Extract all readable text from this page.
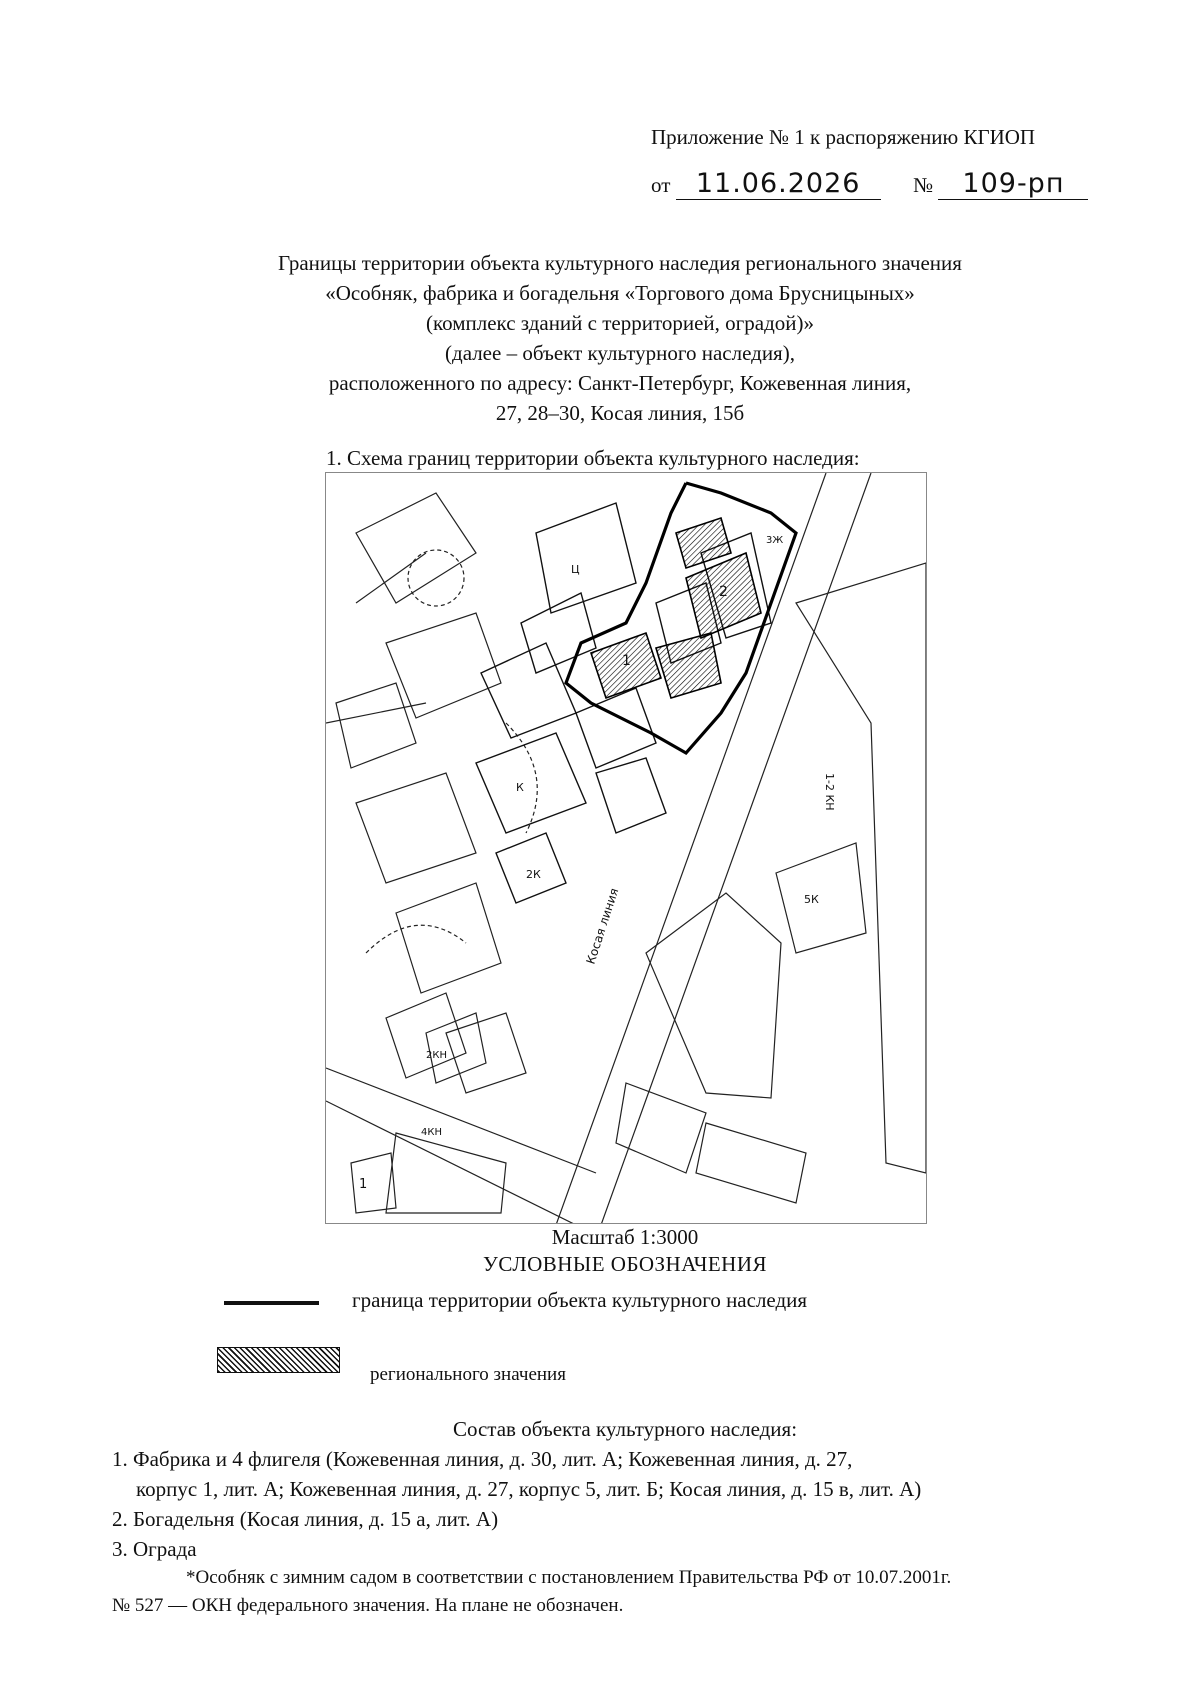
Приложение № 1 к распоряжению КГИОП
от 11.06.2026	№ 109-рп
Границы территории объекта культурного наследия регионального значения
«Особняк, фабрика и богадельня «Торгового дома Брусницыных»
(комплекс зданий с территорией, оградой)»
(далее – объект культурного наследия),
расположенного по адресу: Санкт-Петербург, Кожевенная линия,
27, 28–30, Косая линия, 15б
1. Схема границ территории объекта культурного наследия:
1
2
Косая линия
К
2К
1-2 КН
5К
4КН
2КН
Ц
3Ж
1
Масштаб 1:3000
УСЛОВНЫЕ ОБОЗНАЧЕНИЯ
граница территории объекта культурного наследия
регионального значения
Состав объекта культурного наследия:
1. Фабрика и 4 флигеля (Кожевенная линия, д. 30, лит. А; Кожевенная линия, д. 27,
корпус 1, лит. А; Кожевенная линия, д. 27, корпус 5, лит. Б; Косая линия, д. 15 в, лит. А)
2. Богадельня (Косая линия, д. 15 а, лит. А)
3. Ограда
*Особняк с зимним садом в соответствии с постановлением Правительства РФ от 10.07.2001г.
№ 527 — ОКН федерального значения. На плане не обозначен.
